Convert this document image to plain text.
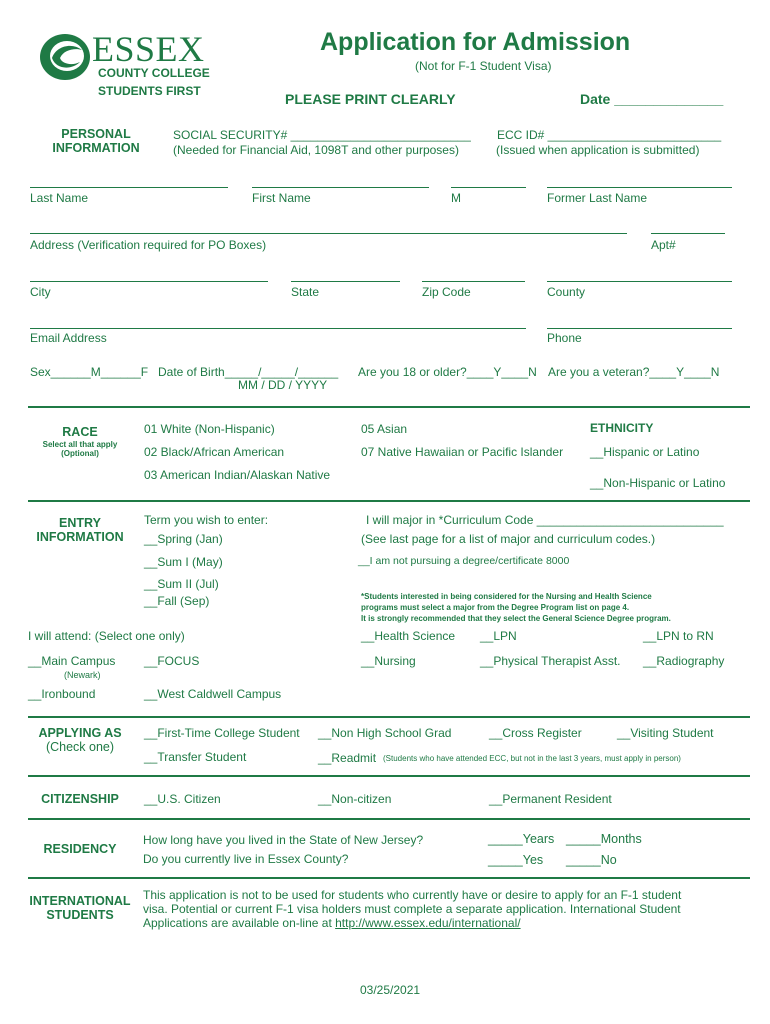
ESSEX
COUNTY COLLEGE
STUDENTS FIRST
Application for Admission
(Not for F-1 Student Visa)
PLEASE PRINT CLEARLY	Date ______________
PERSONAL
INFORMATION
SOCIAL SECURITY# ___________________________
(Needed for Financial Aid, 1098T and other purposes)
ECC ID# __________________________
(Issued when application is submitted)
Last Name	First Name	M	Former Last Name
Address (Verification required for PO Boxes)	Apt#
City	State	Zip Code	County
Email Address	Phone
Sex______M______F Date of Birth_____/_____/______
MM / DD / YYYY
Are you 18 or older?____Y____N Are you a veteran?____Y____N
RACE
Select all that apply
(Optional)
01 White (Non-Hispanic)
02 Black/African American
03 American Indian/Alaskan Native
05 Asian
07 Native Hawaiian or Pacific Islander
ETHNICITY
__Hispanic or Latino
__Non-Hispanic or Latino
ENTRY
INFORMATION
Term you wish to enter:
__Spring (Jan)
__Sum I (May)
__Sum II (Jul)
__Fall (Sep)
I will major in *Curriculum Code ____________________________
(See last page for a list of major and curriculum codes.)
__I am not pursuing a degree/certificate 8000
*Students interested in being considered for the Nursing and Health Science
programs must select a major from the Degree Program list on page 4.
It is strongly recommended that they select the General Science Degree program.
I will attend: (Select one only)
__Main Campus
(Newark)
__FOCUS
__Ironbound	__West Caldwell Campus
__Health Science __LPN	__LPN to RN
__Nursing	__Physical Therapist Asst. __Radiography
APPLYING AS
(Check one)
__First-Time College Student __Non High School Grad	__Cross Register	__Visiting Student
__Transfer Student	__Readmit (Students who have attended ECC, but not in the last 3 years, must apply in person)
CITIZENSHIP	__U.S. Citizen	__Non-citizen	__Permanent Resident
RESIDENCY
How long have you lived in the State of New Jersey?
Do you currently live in Essex County?
_____Years _____Months
_____Yes _____No
INTERNATIONAL
STUDENTS
This application is not to be used for students who currently have or desire to apply for an F-1 student
visa. Potential or current F-1 visa holders must complete a separate application. International Student
Applications are available on-line at http://www.essex.edu/international/
03/25/2021
